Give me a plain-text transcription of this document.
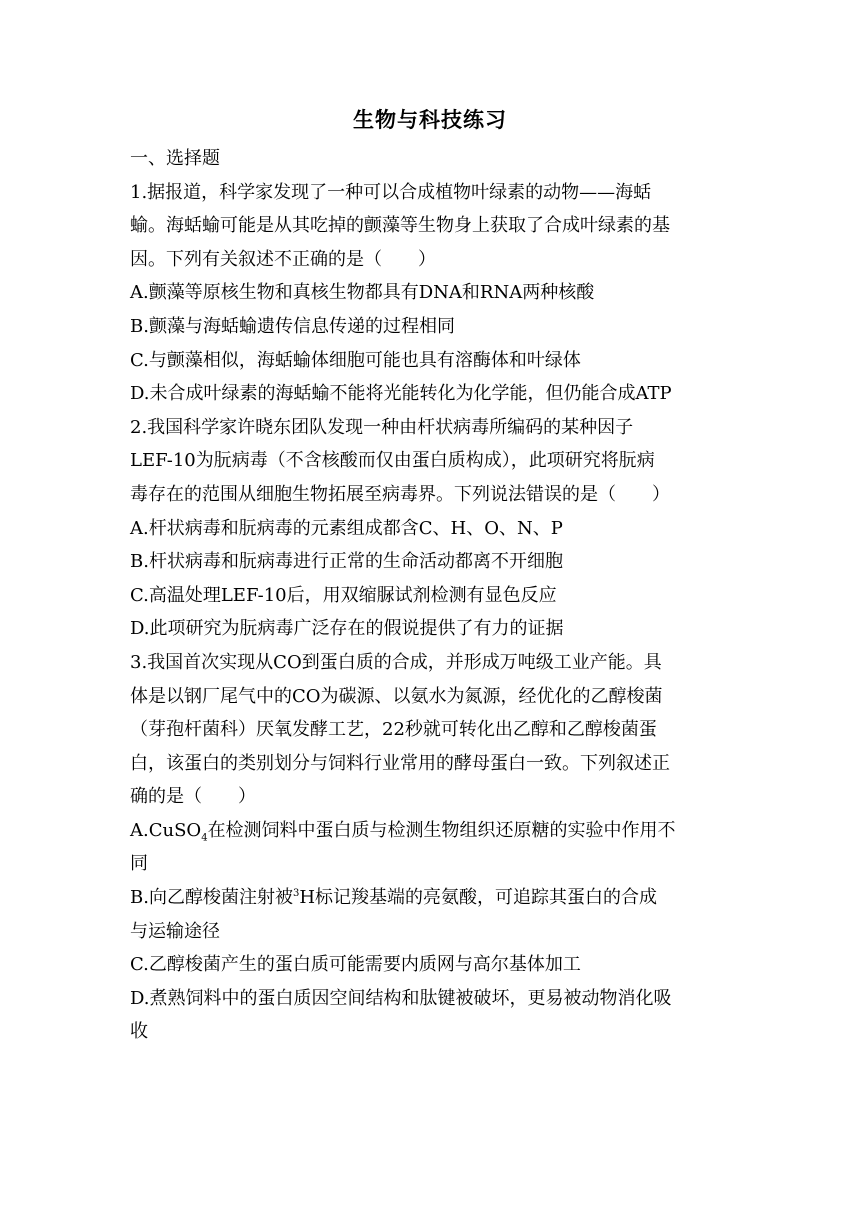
生物与科技练习
一、选择题
1.据报道，科学家发现了一种可以合成植物叶绿素的动物——海蛞
蝓。海蛞蝓可能是从其吃掉的颤藻等生物身上获取了合成叶绿素的基
因。下列有关叙述不正确的是（　　）
A.颤藻等原核生物和真核生物都具有DNA和RNA两种核酸
B.颤藻与海蛞蝓遗传信息传递的过程相同
C.与颤藻相似，海蛞蝓体细胞可能也具有溶酶体和叶绿体
D.未合成叶绿素的海蛞蝓不能将光能转化为化学能，但仍能合成ATP
2.我国科学家许晓东团队发现一种由杆状病毒所编码的某种因子
LEF-10为朊病毒（不含核酸而仅由蛋白质构成），此项研究将朊病
毒存在的范围从细胞生物拓展至病毒界。下列说法错误的是（　　）
A.杆状病毒和朊病毒的元素组成都含C、H、O、N、P
B.杆状病毒和朊病毒进行正常的生命活动都离不开细胞
C.高温处理LEF-10后，用双缩脲试剂检测有显色反应
D.此项研究为朊病毒广泛存在的假说提供了有力的证据
3.我国首次实现从CO到蛋白质的合成，并形成万吨级工业产能。具
体是以钢厂尾气中的CO为碳源、以氨水为氮源，经优化的乙醇梭菌
（芽孢杆菌科）厌氧发酵工艺，22秒就可转化出乙醇和乙醇梭菌蛋
白，该蛋白的类别划分与饲料行业常用的酵母蛋白一致。下列叙述正
确的是（　　）
A.CuSO$_4$在检测饲料中蛋白质与检测生物组织还原糖的实验中作用不
同
B.向乙醇梭菌注射被$^3$H标记羧基端的亮氨酸，可追踪其蛋白的合成
与运输途径
C.乙醇梭菌产生的蛋白质可能需要内质网与高尔基体加工
D.煮熟饲料中的蛋白质因空间结构和肽键被破坏，更易被动物消化吸
收
